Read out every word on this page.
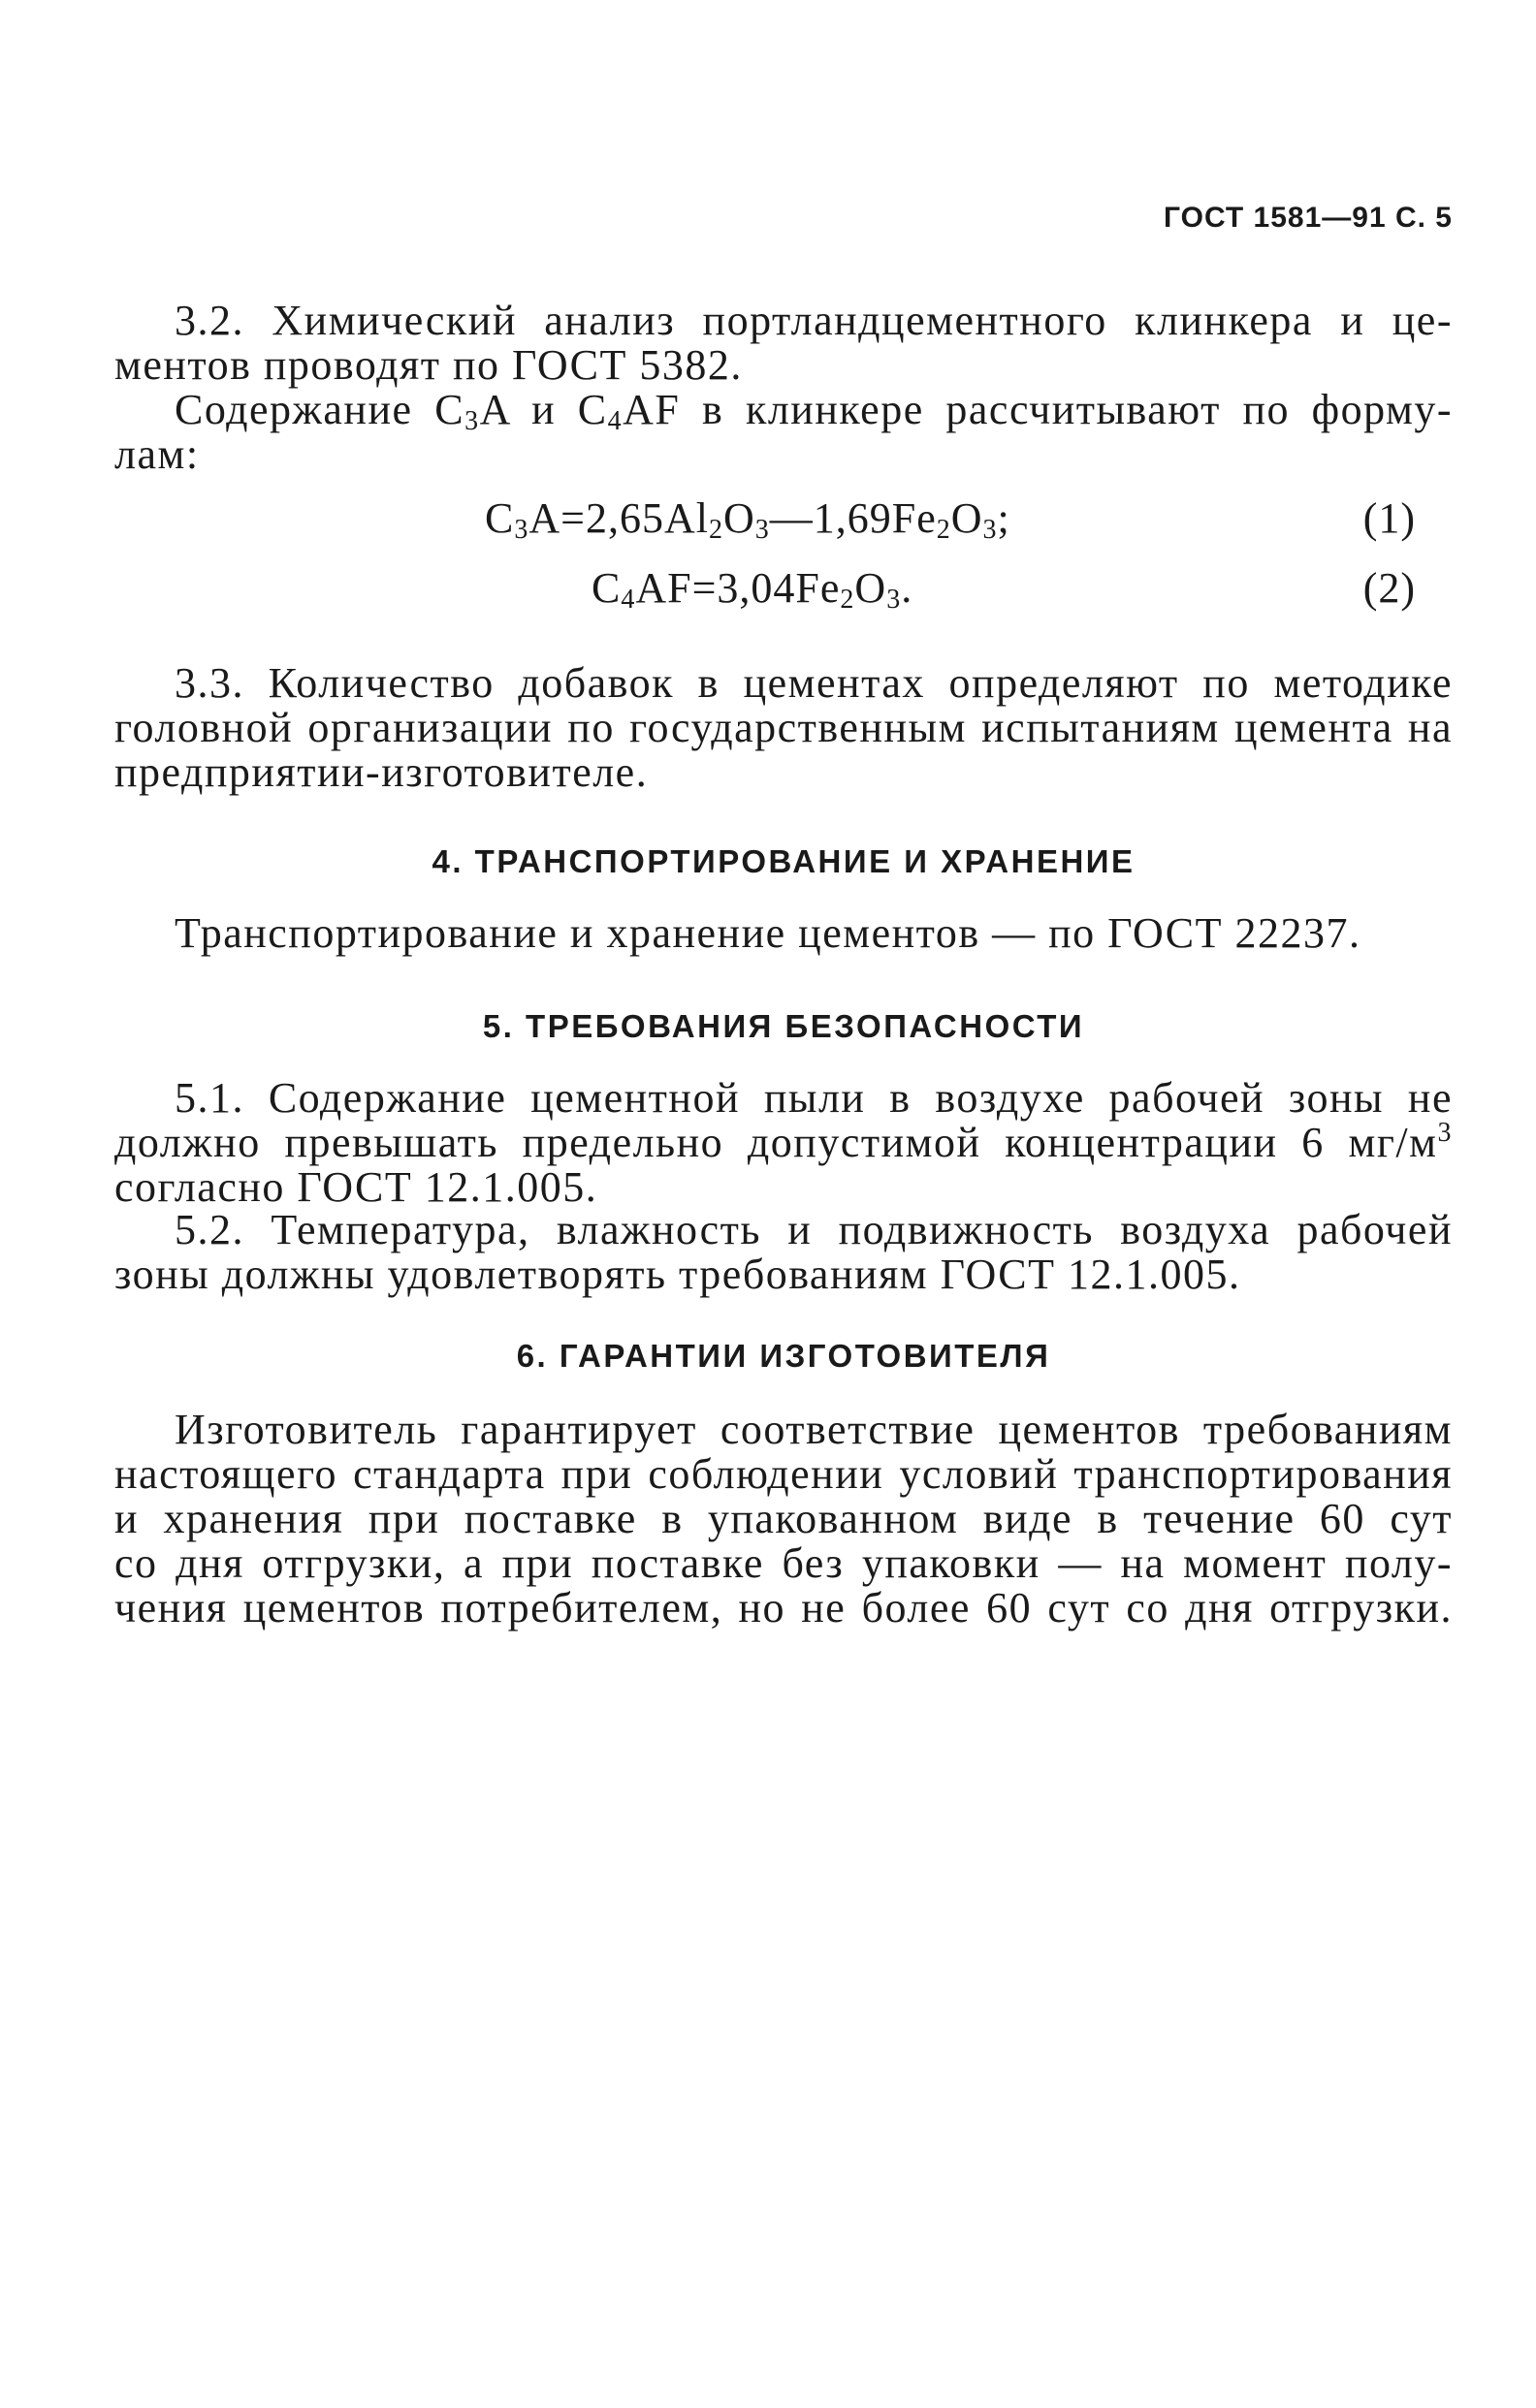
ГОСТ 1581—91 С. 5
3.2. Химический анализ портландцементного клинкера и це-
ментов проводят по ГОСТ 5382.
Содержание $C_3A$ и $C_4AF$ в клинкере рассчитывают по форму-
лам:
$C_3A=2,65Al_2O_3—1,69Fe_2O_3$;	(1)
$C_4AF=3,04Fe_2O_3$.	(2)
3.3. Количество добавок в цементах определяют по методике
головной организации по государственным испытаниям цемента на
предприятии-изготовителе.
4. ТРАНСПОРТИРОВАНИЕ И ХРАНЕНИЕ
Транспортирование и хранение цементов — по ГОСТ 22237.
5. ТРЕБОВАНИЯ БЕЗОПАСНОСТИ
5.1. Содержание цементной пыли в воздухе рабочей зоны не
должно превышать предельно допустимой концентрации 6 $мг/м^3$
согласно ГОСТ 12.1.005.
5.2. Температура, влажность и подвижность воздуха рабочей
зоны должны удовлетворять требованиям ГОСТ 12.1.005.
6. ГАРАНТИИ ИЗГОТОВИТЕЛЯ
Изготовитель гарантирует соответствие цементов требованиям
настоящего стандарта при соблюдении условий транспортирования
и хранения при поставке в упакованном виде в течение 60 сут
со дня отгрузки, а при поставке без упаковки — на момент полу-
чения цементов потребителем, но не более 60 сут со дня отгрузки.
